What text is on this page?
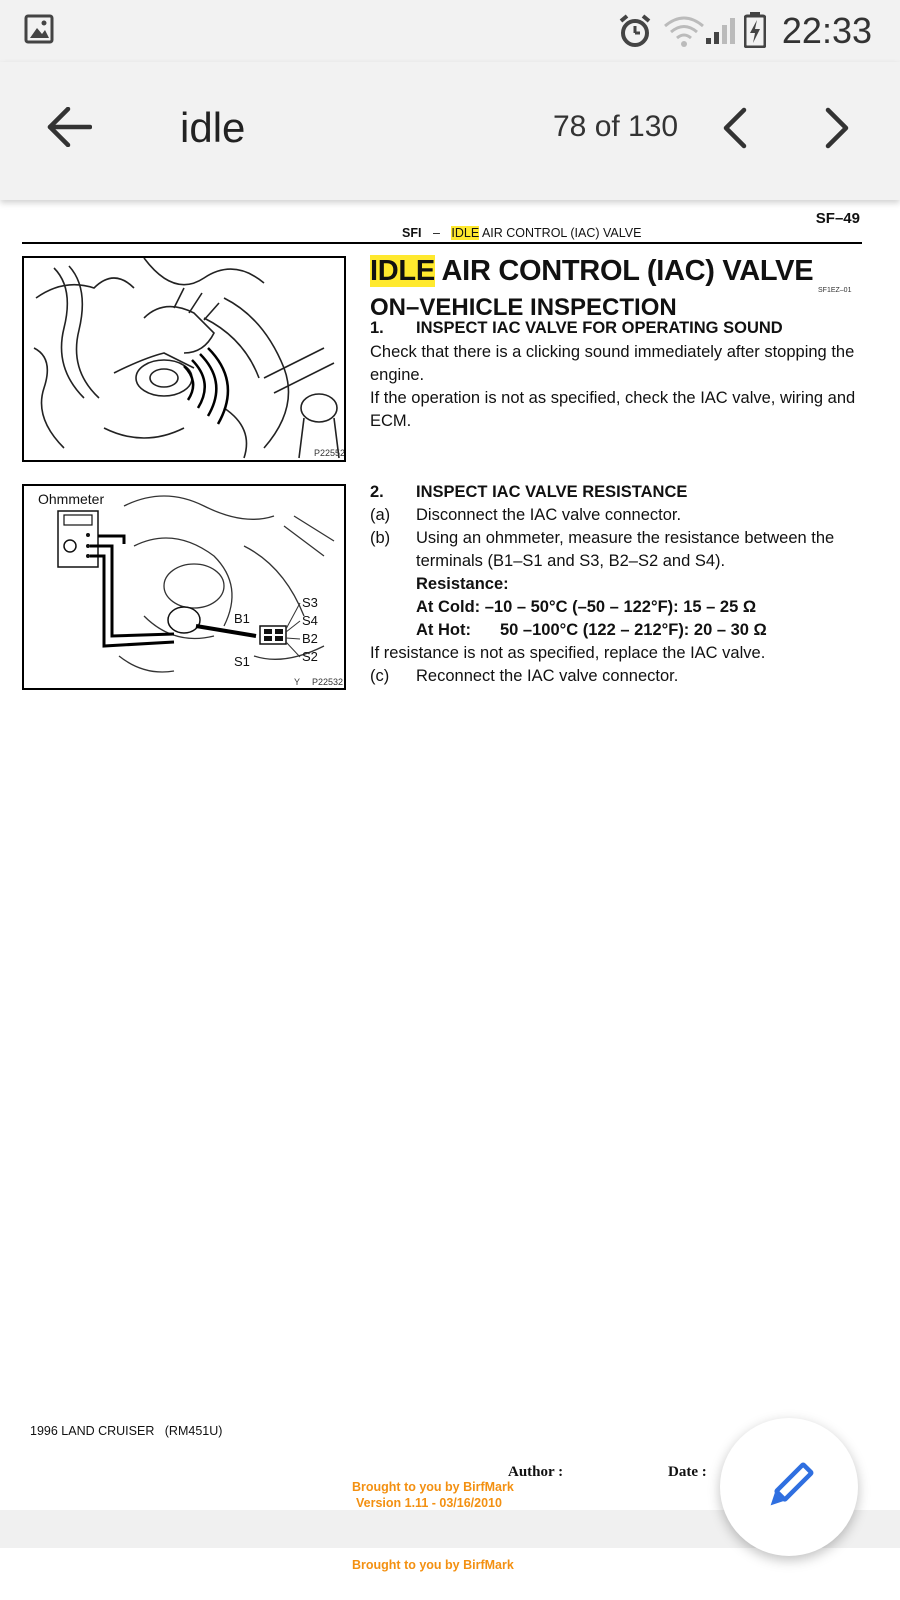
22:33
idle	78 of 130
SF–49
SFI – IDLE AIR CONTROL (IAC) VALVE
P22552
Ohmmeter
S3
S4
B2
S2
B1
S1
Y P22532
IDLE AIR CONTROL (IAC) VALVE
SF1EZ–01
ON–VEHICLE INSPECTION
1. INSPECT IAC VALVE FOR OPERATING SOUND
Check that there is a clicking sound immediately after stopping the engine.
If the operation is not as specified, check the IAC valve, wiring and ECM.
2. INSPECT IAC VALVE RESISTANCE
(a) Disconnect the IAC valve connector.
(b) Using an ohmmeter, measure the resistance between the terminals (B1–S1 and S3, B2–S2 and S4).
Resistance:
At Cold: –10 – 50°C (–50 – 122°F): 15 – 25 Ω
At Hot: 50 –100°C (122 – 212°F): 20 – 30 Ω
If resistance is not as specified, replace the IAC valve.
(c) Reconnect the IAC valve connector.
1996 LAND CRUISER   (RM451U)
Author :	Date :
Brought to you by BirfMark
Version 1.11 - 03/16/2010
Brought to you by BirfMark
